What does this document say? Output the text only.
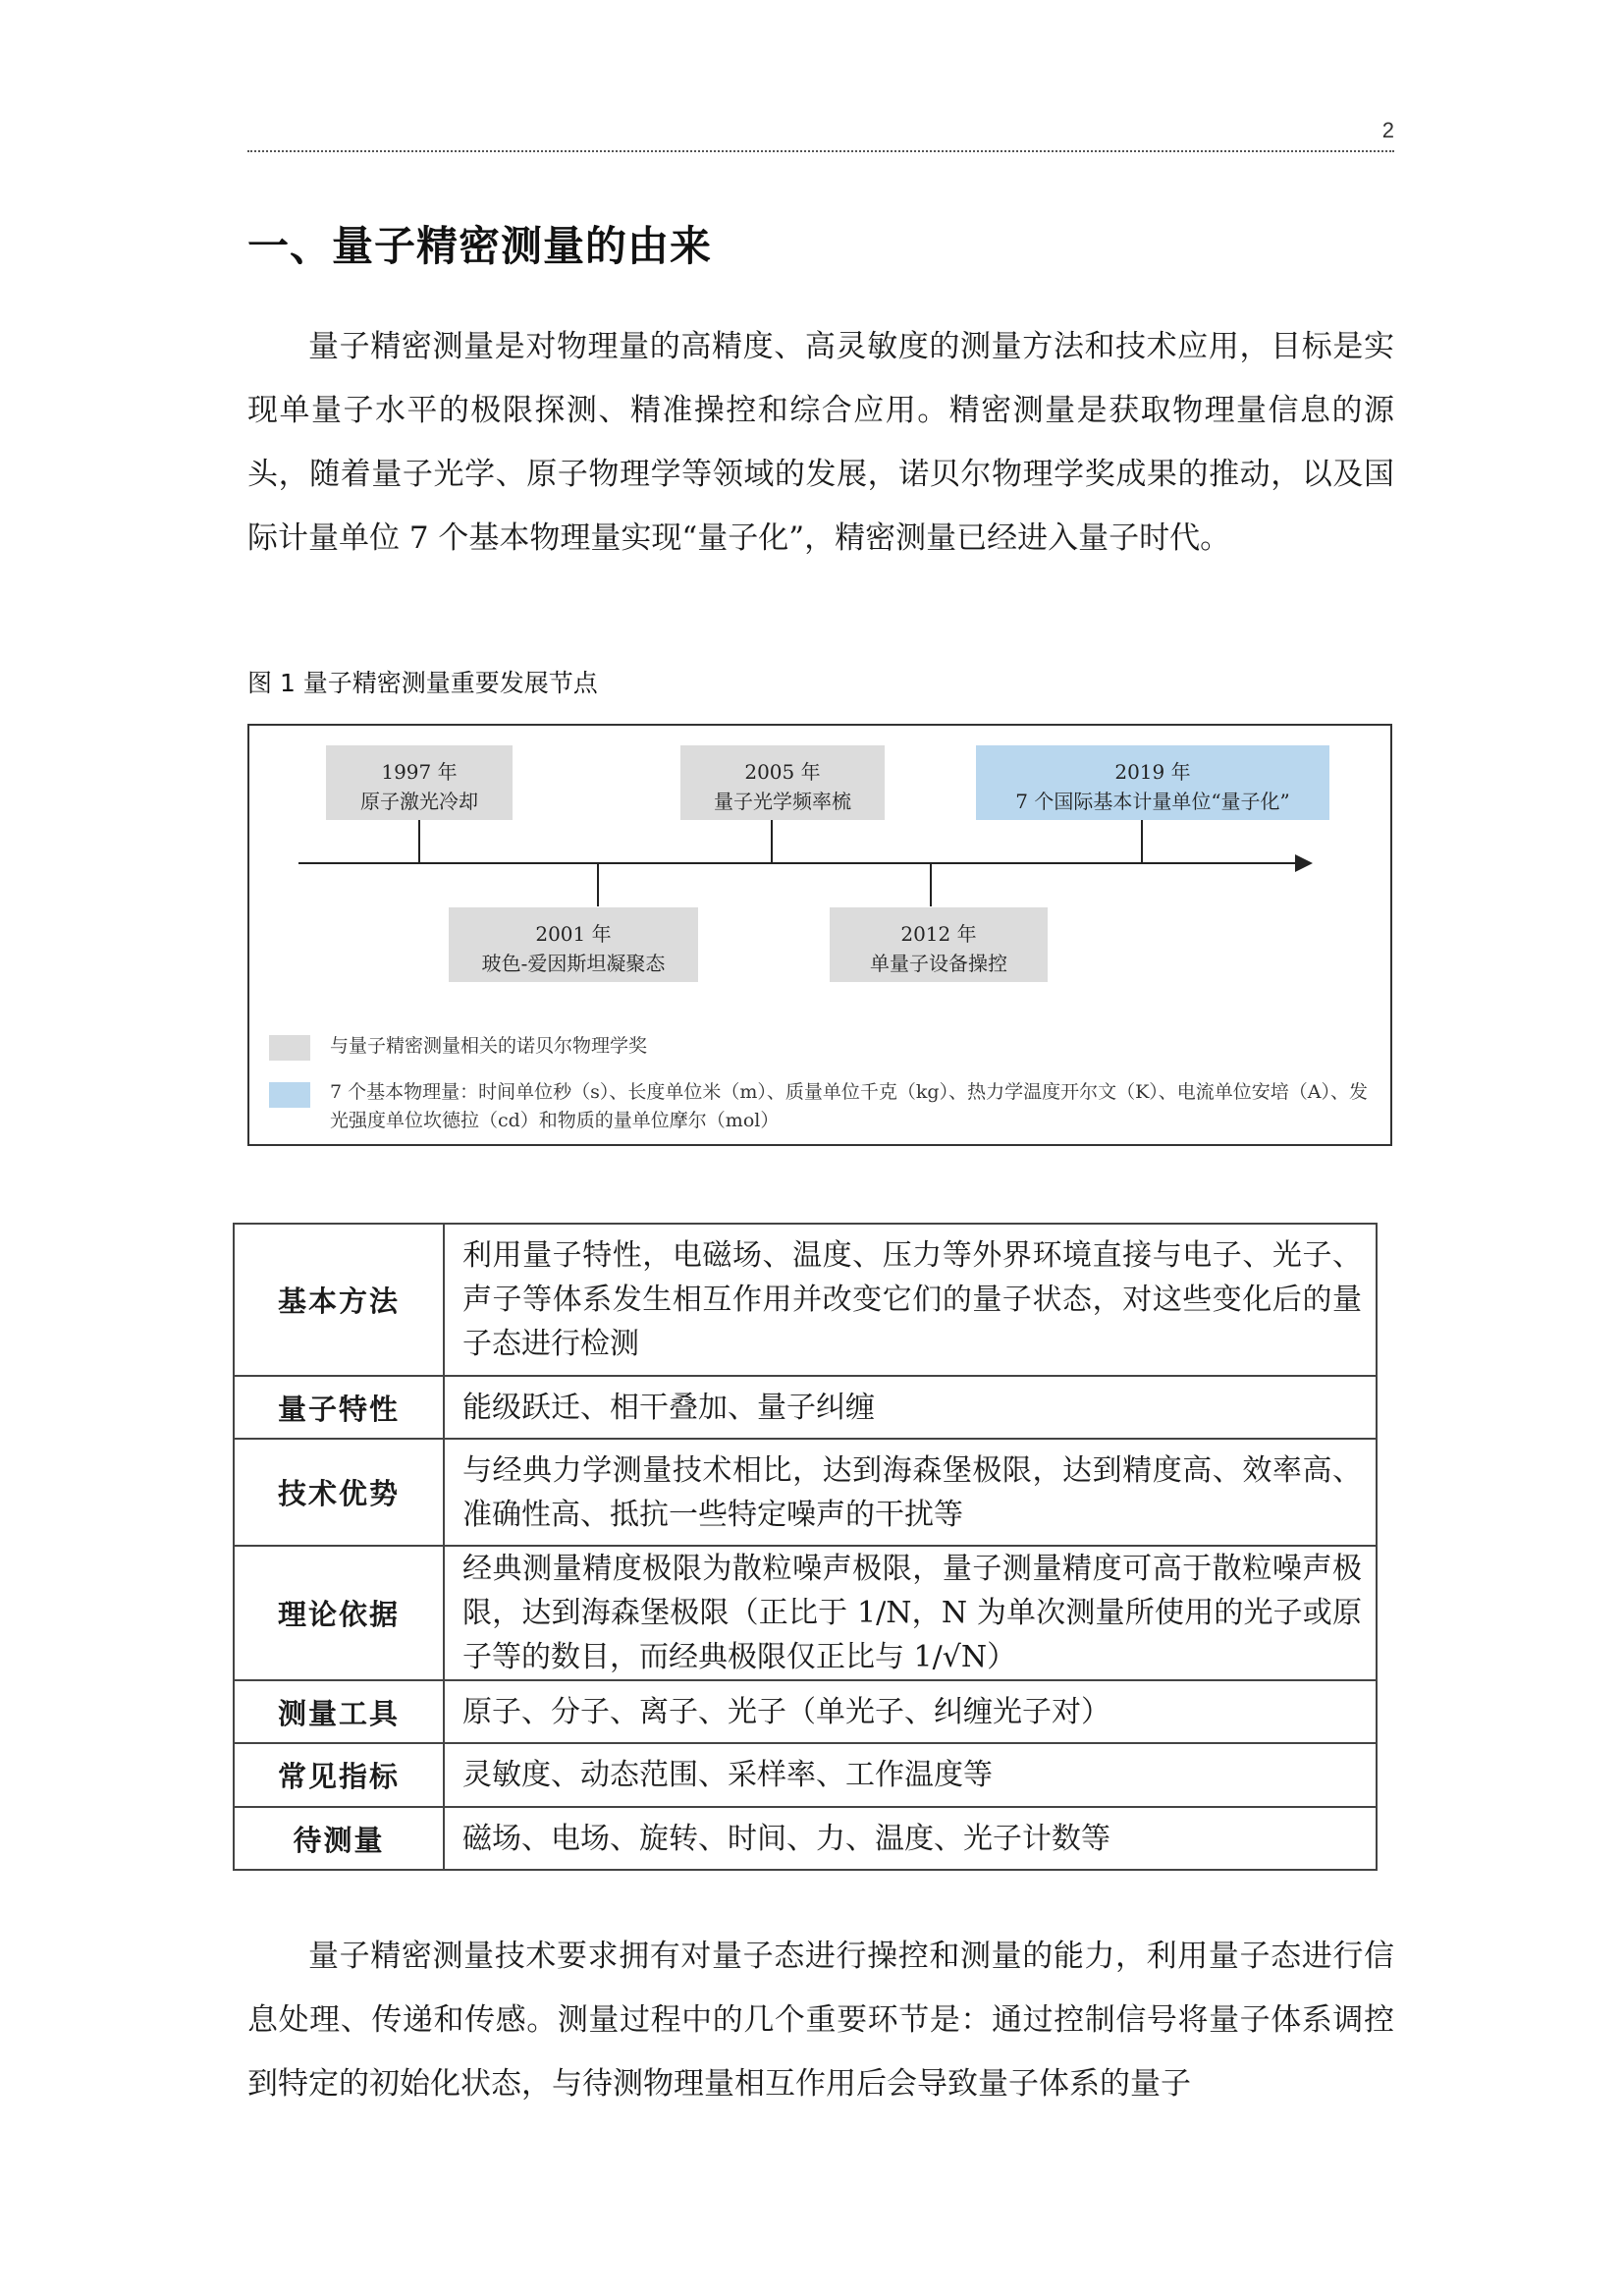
2
一、量子精密测量的由来

量子精密测量是对物理量的高精度、高灵敏度的测量方法和技术应用，目标是实现单量子水平的极限探测、精准操控和综合应用。精密测量是获取物理量信息的源头，随着量子光学、原子物理学等领域的发展，诺贝尔物理学奖成果的推动，以及国际计量单位 7 个基本物理量实现“量子化”，精密测量已经进入量子时代。

图 1 量子精密测量重要发展节点
1997 年
原子激光冷却
2005 年
量子光学频率梳
2019 年
7 个国际基本计量单位“量子化”
2001 年
玻色-爱因斯坦凝聚态
2012 年
单量子设备操控
与量子精密测量相关的诺贝尔物理学奖
7 个基本物理量：时间单位秒（s）、长度单位米（m）、质量单位千克（kg）、热力学温度开尔文（K）、电流单位安培（A）、发光强度单位坎德拉（cd）和物质的量单位摩尔（mol）
基本方法	利用量子特性，电磁场、温度、压力等外界环境直接与电子、光子、声子等体系发生相互作用并改变它们的量子状态，对这些变化后的量子态进行检测
量子特性	能级跃迁、相干叠加、量子纠缠
技术优势	与经典力学测量技术相比，达到海森堡极限，达到精度高、效率高、准确性高、抵抗一些特定噪声的干扰等
理论依据	经典测量精度极限为散粒噪声极限，量子测量精度可高于散粒噪声极限，达到海森堡极限（正比于 1/N，N 为单次测量所使用的光子或原子等的数目，而经典极限仅正比与 1/√N）
测量工具	原子、分子、离子、光子（单光子、纠缠光子对）
常见指标	灵敏度、动态范围、采样率、工作温度等
待测量	磁场、电场、旋转、时间、力、温度、光子计数等

量子精密测量技术要求拥有对量子态进行操控和测量的能力，利用量子态进行信息处理、传递和传感。测量过程中的几个重要环节是：通过控制信号将量子体系调控到特定的初始化状态，与待测物理量相互作用后会导致量子体系的量子
